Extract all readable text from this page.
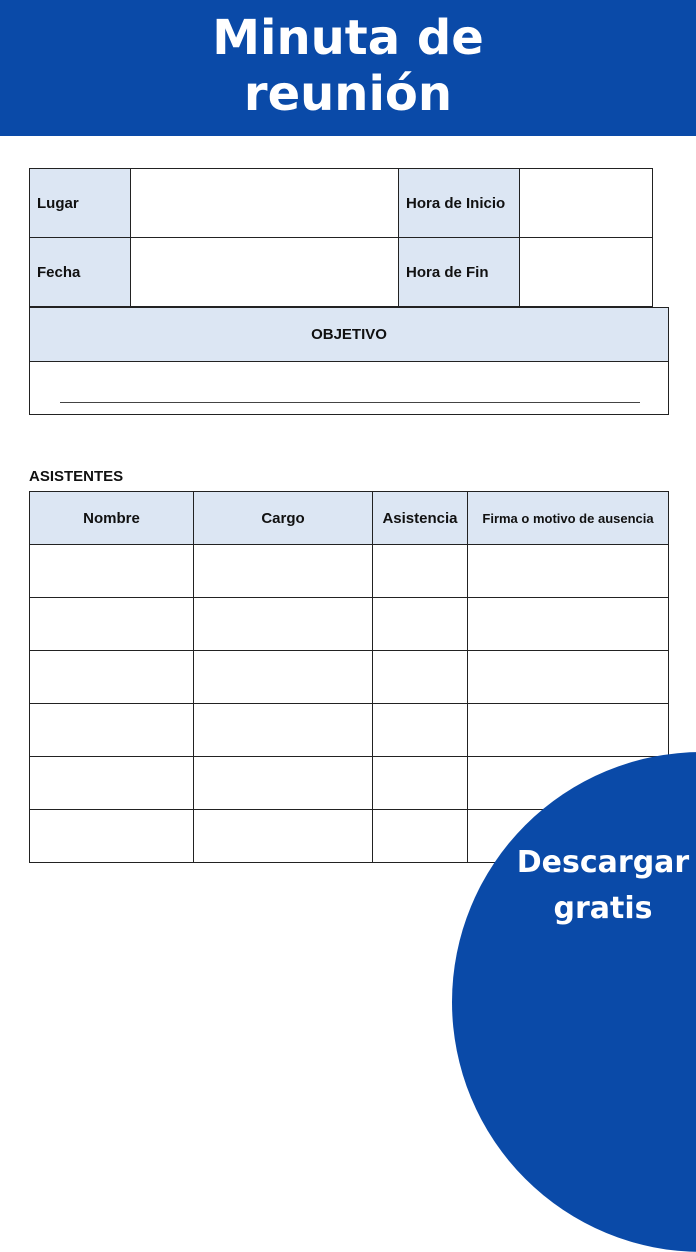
Minuta de
reunión
Lugar		Hora de Inicio	
Fecha		Hora de Fin	
OBJETIVO

ASISTENTES
Nombre	Cargo	Asistencia	Firma o motivo de ausencia

Descargar
gratis
